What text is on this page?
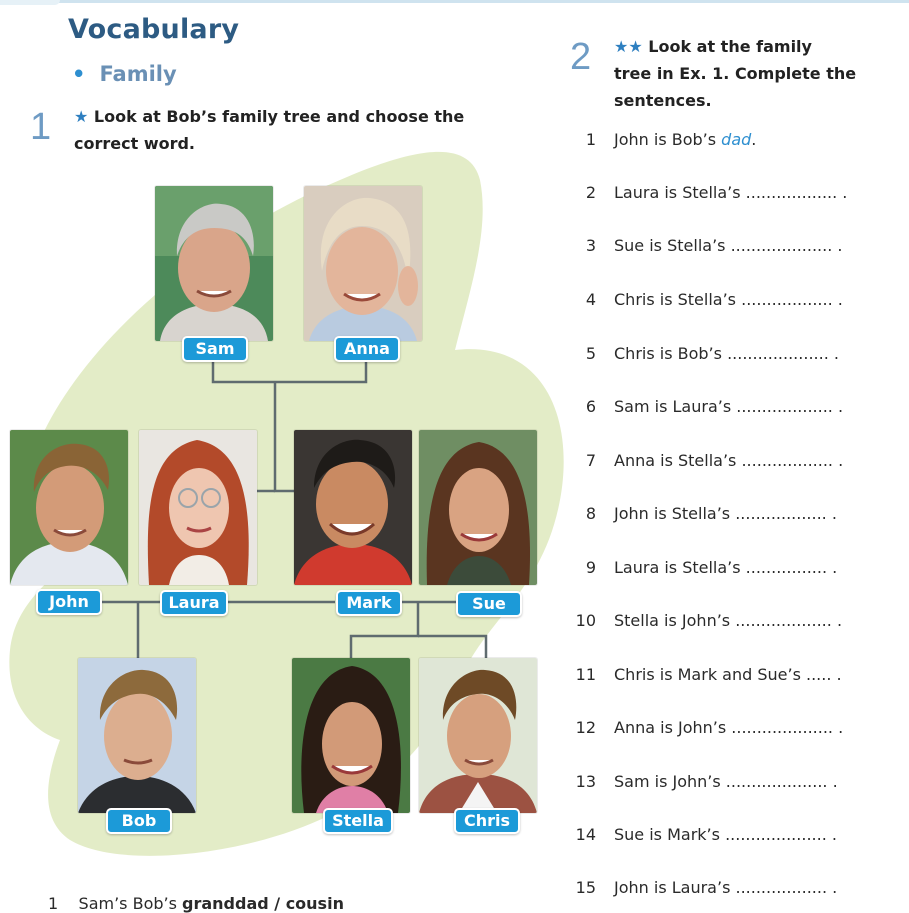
Vocabulary
• Family
1 ★ Look at Bob’s family tree and choose the
correct word.
Sam	Anna
John	Laura	Mark	Sue
Bob	Stella	Chris
2 ★★ Look at the family
tree in Ex. 1. Complete the
sentences.
1 John is Bob’s dad.
2 Laura is Stella’s .................. .
3 Sue is Stella’s .................... .
4 Chris is Stella’s .................. .
5 Chris is Bob’s .................... .
6 Sam is Laura’s ................... .
7 Anna is Stella’s .................. .
8 John is Stella’s .................. .
9 Laura is Stella’s ................ .
10 Stella is John’s ................... .
11 Chris is Mark and Sue’s ..... .
12 Anna is John’s .................... .
13 Sam is John’s .................... .
14 Sue is Mark’s .................... .
15 John is Laura’s .................. .
1 Sam’s Bob’s granddad / cousin
